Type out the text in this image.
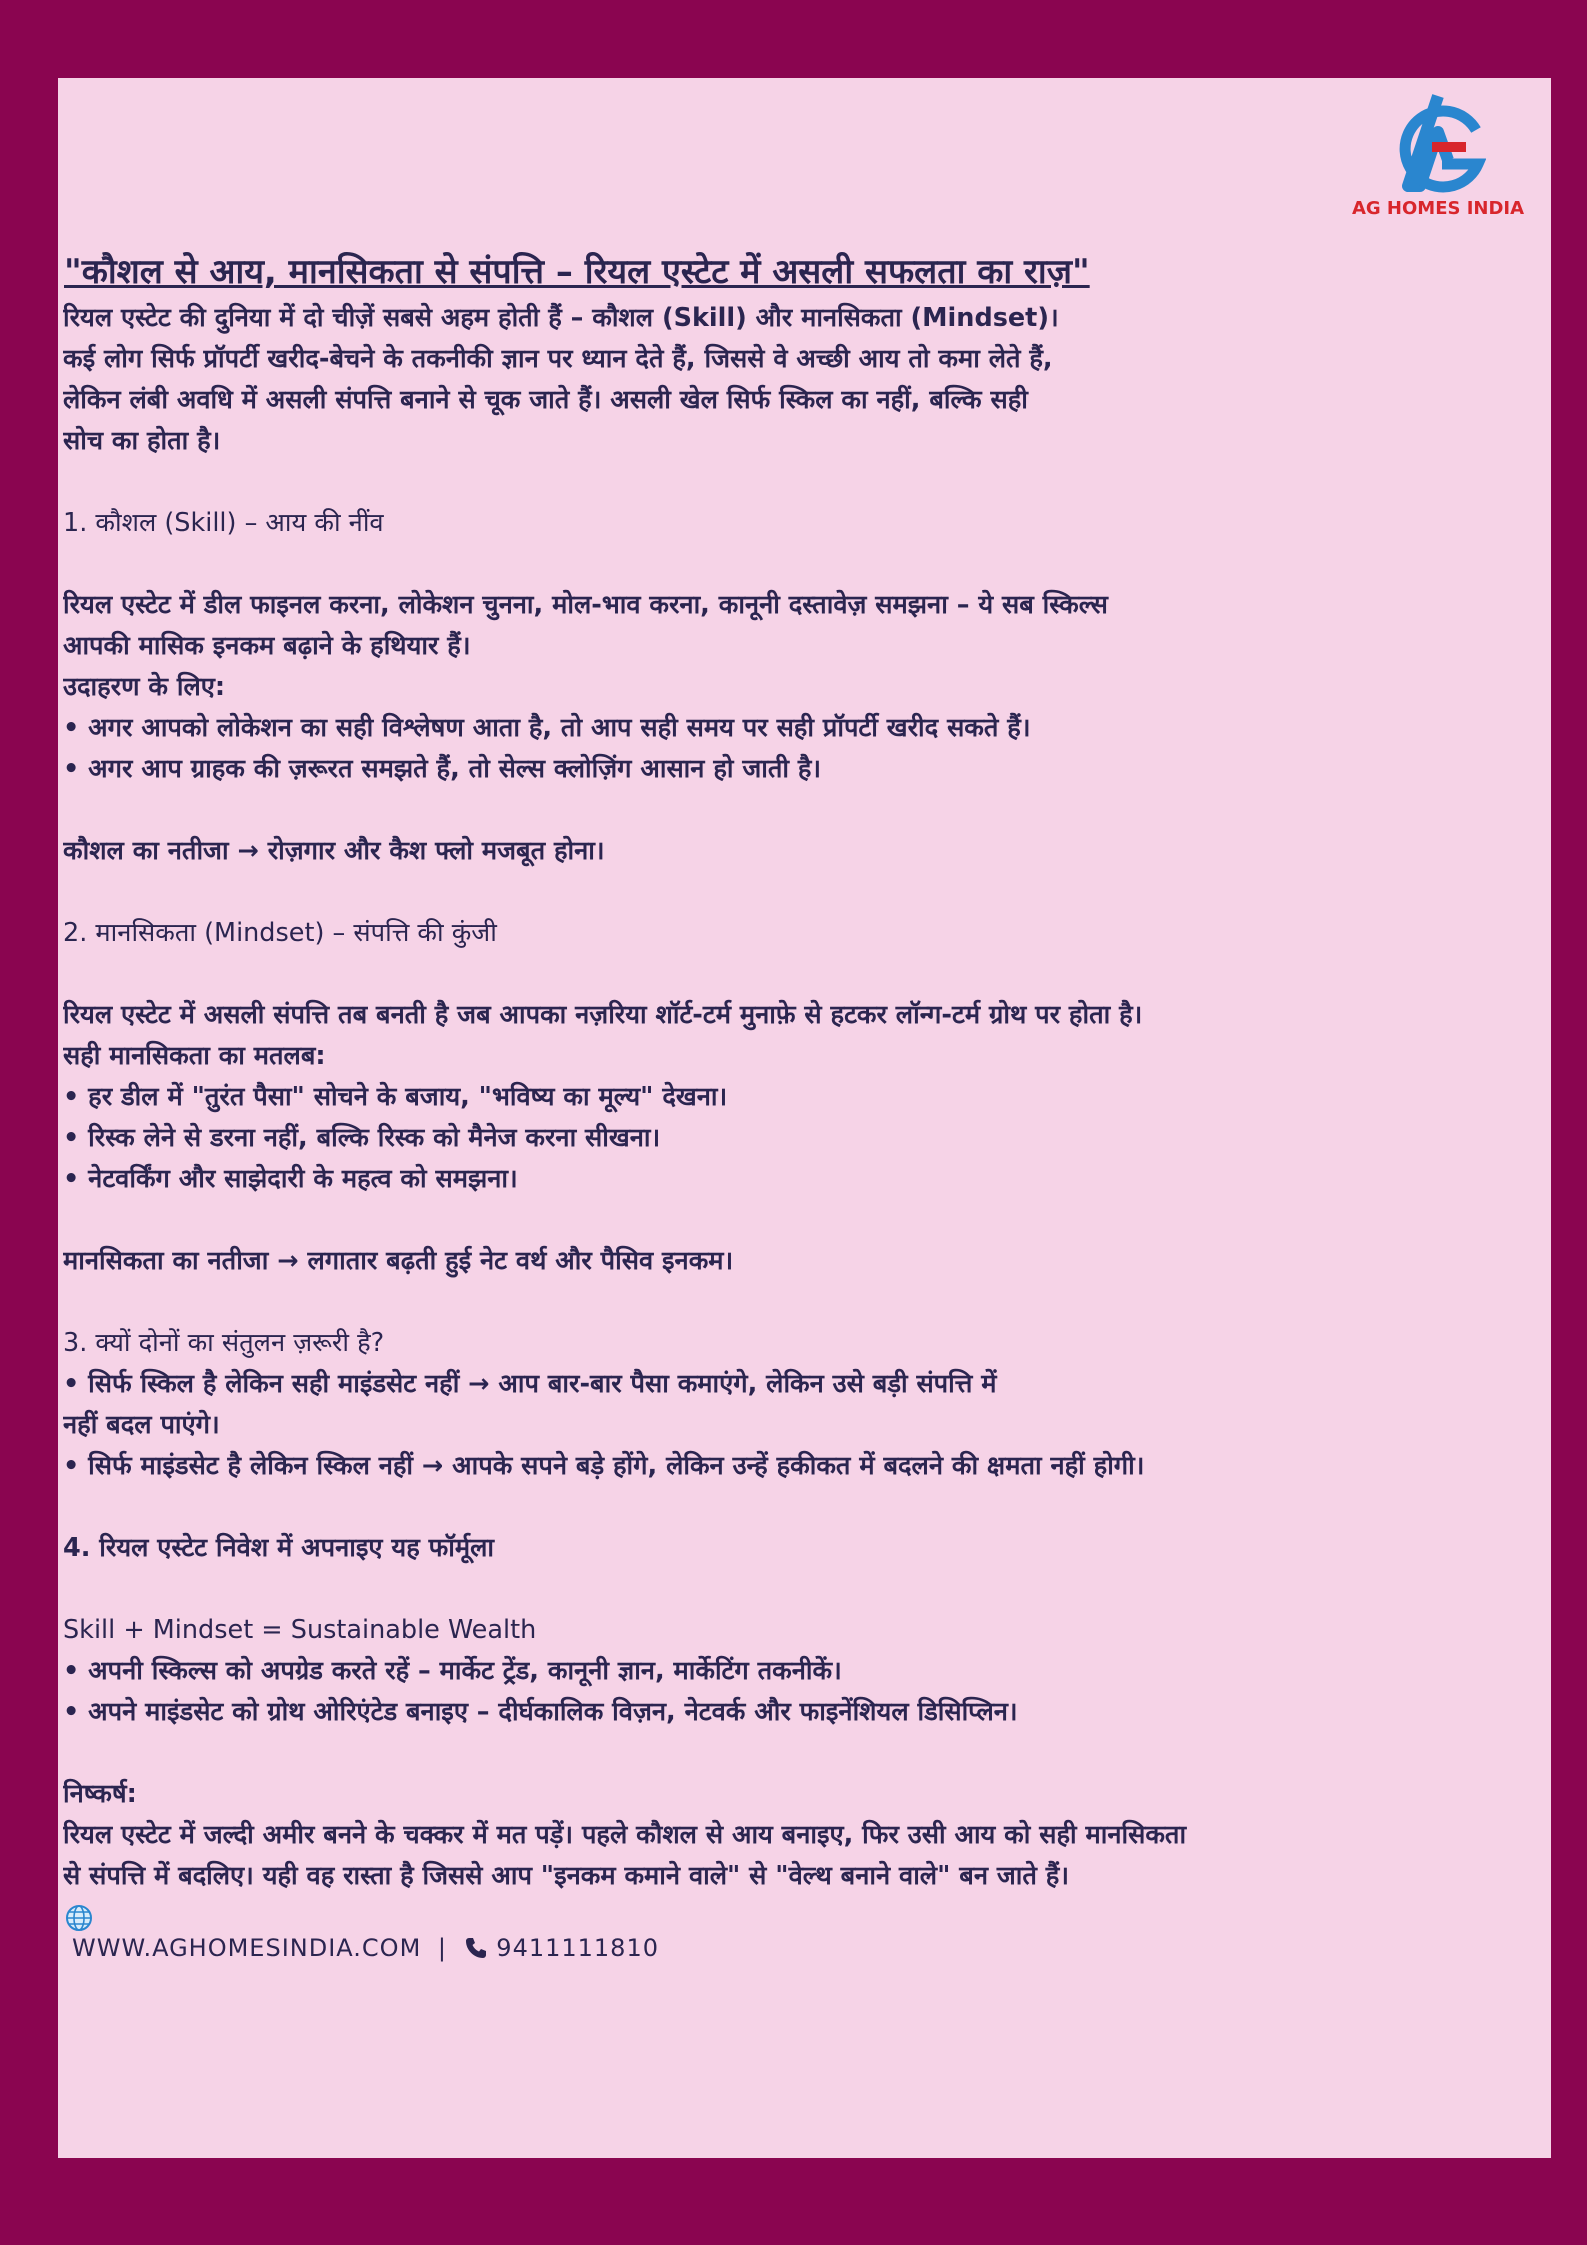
AG HOMES INDIA
"कौशल से आय, मानसिकता से संपत्ति – रियल एस्टेट में असली सफलता का राज़"
रियल एस्टेट की दुनिया में दो चीज़ें सबसे अहम होती हैं – कौशल (Skill) और मानसिकता (Mindset)।
कई लोग सिर्फ प्रॉपर्टी खरीद-बेचने के तकनीकी ज्ञान पर ध्यान देते हैं, जिससे वे अच्छी आय तो कमा लेते हैं,
लेकिन लंबी अवधि में असली संपत्ति बनाने से चूक जाते हैं। असली खेल सिर्फ स्किल का नहीं, बल्कि सही
सोच का होता है।
1. कौशल (Skill) – आय की नींव
रियल एस्टेट में डील फाइनल करना, लोकेशन चुनना, मोल-भाव करना, कानूनी दस्तावेज़ समझना – ये सब स्किल्स
आपकी मासिक इनकम बढ़ाने के हथियार हैं।
उदाहरण के लिए:
• अगर आपको लोकेशन का सही विश्लेषण आता है, तो आप सही समय पर सही प्रॉपर्टी खरीद सकते हैं।
• अगर आप ग्राहक की ज़रूरत समझते हैं, तो सेल्स क्लोज़िंग आसान हो जाती है।
कौशल का नतीजा → रोज़गार और कैश फ्लो मजबूत होना।
2. मानसिकता (Mindset) – संपत्ति की कुंजी
रियल एस्टेट में असली संपत्ति तब बनती है जब आपका नज़रिया शॉर्ट-टर्म मुनाफ़े से हटकर लॉन्ग-टर्म ग्रोथ पर होता है।
सही मानसिकता का मतलब:
• हर डील में "तुरंत पैसा" सोचने के बजाय, "भविष्य का मूल्य" देखना।
• रिस्क लेने से डरना नहीं, बल्कि रिस्क को मैनेज करना सीखना।
• नेटवर्किंग और साझेदारी के महत्व को समझना।
मानसिकता का नतीजा → लगातार बढ़ती हुई नेट वर्थ और पैसिव इनकम।
3. क्यों दोनों का संतुलन ज़रूरी है?
• सिर्फ स्किल है लेकिन सही माइंडसेट नहीं → आप बार-बार पैसा कमाएंगे, लेकिन उसे बड़ी संपत्ति में
नहीं बदल पाएंगे।
• सिर्फ माइंडसेट है लेकिन स्किल नहीं → आपके सपने बड़े होंगे, लेकिन उन्हें हकीकत में बदलने की क्षमता नहीं होगी।
4. रियल एस्टेट निवेश में अपनाइए यह फॉर्मूला
Skill + Mindset = Sustainable Wealth
• अपनी स्किल्स को अपग्रेड करते रहें – मार्केट ट्रेंड, कानूनी ज्ञान, मार्केटिंग तकनीकें।
• अपने माइंडसेट को ग्रोथ ओरिएंटेड बनाइए – दीर्घकालिक विज़न, नेटवर्क और फाइनेंशियल डिसिप्लिन।
निष्कर्ष:
रियल एस्टेट में जल्दी अमीर बनने के चक्कर में मत पड़ें। पहले कौशल से आय बनाइए, फिर उसी आय को सही मानसिकता
से संपत्ति में बदलिए। यही वह रास्ता है जिससे आप "इनकम कमाने वाले" से "वेल्थ बनाने वाले" बन जाते हैं।
WWW.AGHOMESINDIA.COM | 9411111810
